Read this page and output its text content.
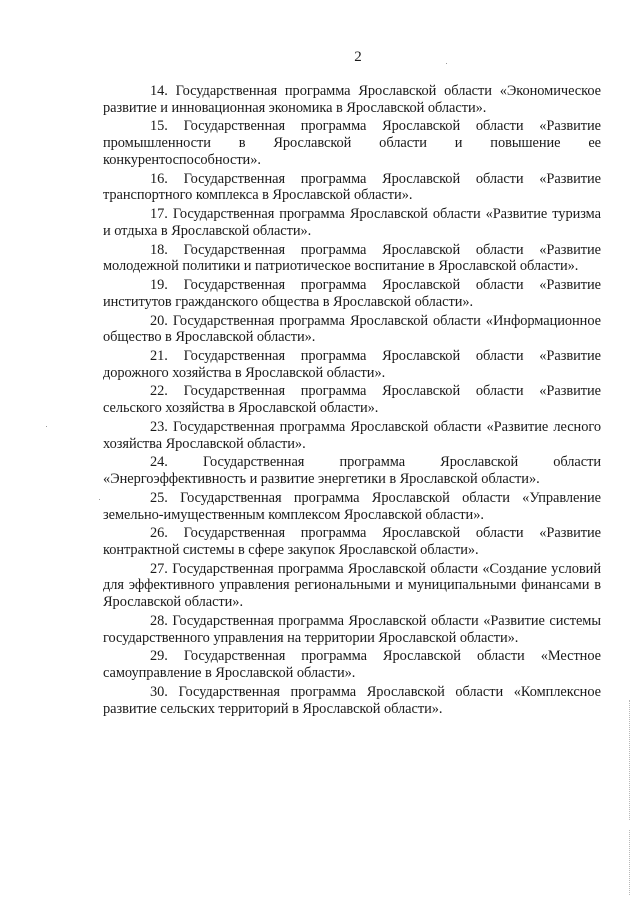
2

14. Государственная программа Ярославской области «Экономическое развитие и инновационная экономика в Ярославской области».

15. Государственная программа Ярославской области «Развитие промышленности в Ярославской области и повышение ее конкурентоспособности».

16. Государственная программа Ярославской области «Развитие транспортного комплекса в Ярославской области».

17. Государственная программа Ярославской области «Развитие туризма и отдыха в Ярославской области».

18. Государственная программа Ярославской области «Развитие молодежной политики и патриотическое воспитание в Ярославской области».

19. Государственная программа Ярославской области «Развитие институтов гражданского общества в Ярославской области».

20. Государственная программа Ярославской области «Информационное общество в Ярославской области».

21. Государственная программа Ярославской области «Развитие дорожного хозяйства в Ярославской области».

22. Государственная программа Ярославской области «Развитие сельского хозяйства в Ярославской области».

23. Государственная программа Ярославской области «Развитие лесного хозяйства Ярославской области».

24. Государственная программа Ярославской области «Энергоэффективность и развитие энергетики в Ярославской области».

25. Государственная программа Ярославской области «Управление земельно-имущественным комплексом Ярославской области».

26. Государственная программа Ярославской области «Развитие контрактной системы в сфере закупок Ярославской области».

27. Государственная программа Ярославской области «Создание условий для эффективного управления региональными и муниципальными финансами в Ярославской области».

28. Государственная программа Ярославской области «Развитие системы государственного управления на территории Ярославской области».

29. Государственная программа Ярославской области «Местное самоуправление в Ярославской области».

30. Государственная программа Ярославской области «Комплексное развитие сельских территорий в Ярославской области».
